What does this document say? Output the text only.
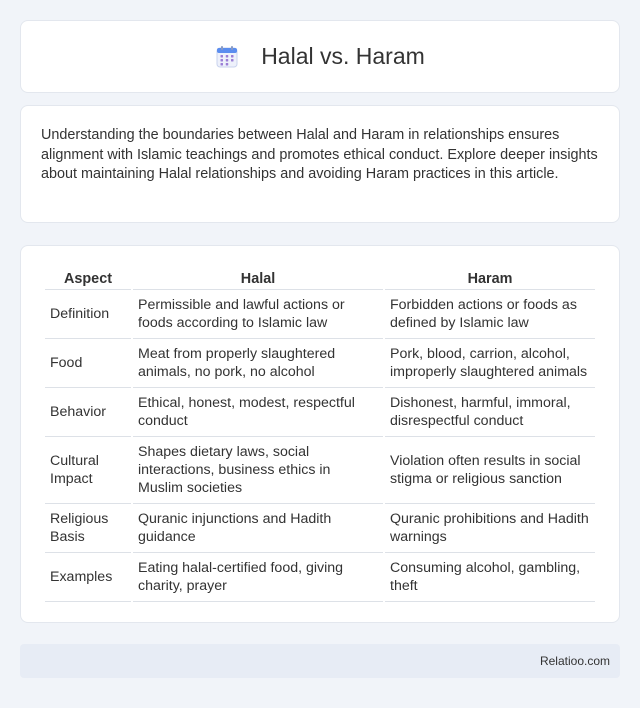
Halal vs. Haram

Understanding the boundaries between Halal and Haram in relationships ensures alignment with Islamic teachings and promotes ethical conduct. Explore deeper insights about maintaining Halal relationships and avoiding Haram practices in this article.

Aspect	Halal	Haram
Definition	Permissible and lawful actions or foods according to Islamic law	Forbidden actions or foods as defined by Islamic law
Food	Meat from properly slaughtered animals, no pork, no alcohol	Pork, blood, carrion, alcohol, improperly slaughtered animals
Behavior	Ethical, honest, modest, respectful conduct	Dishonest, harmful, immoral, disrespectful conduct
Cultural Impact	Shapes dietary laws, social interactions, business ethics in Muslim societies	Violation often results in social stigma or religious sanction
Religious Basis	Quranic injunctions and Hadith guidance	Quranic prohibitions and Hadith warnings
Examples	Eating halal-certified food, giving charity, prayer	Consuming alcohol, gambling, theft
Relatioo.com
